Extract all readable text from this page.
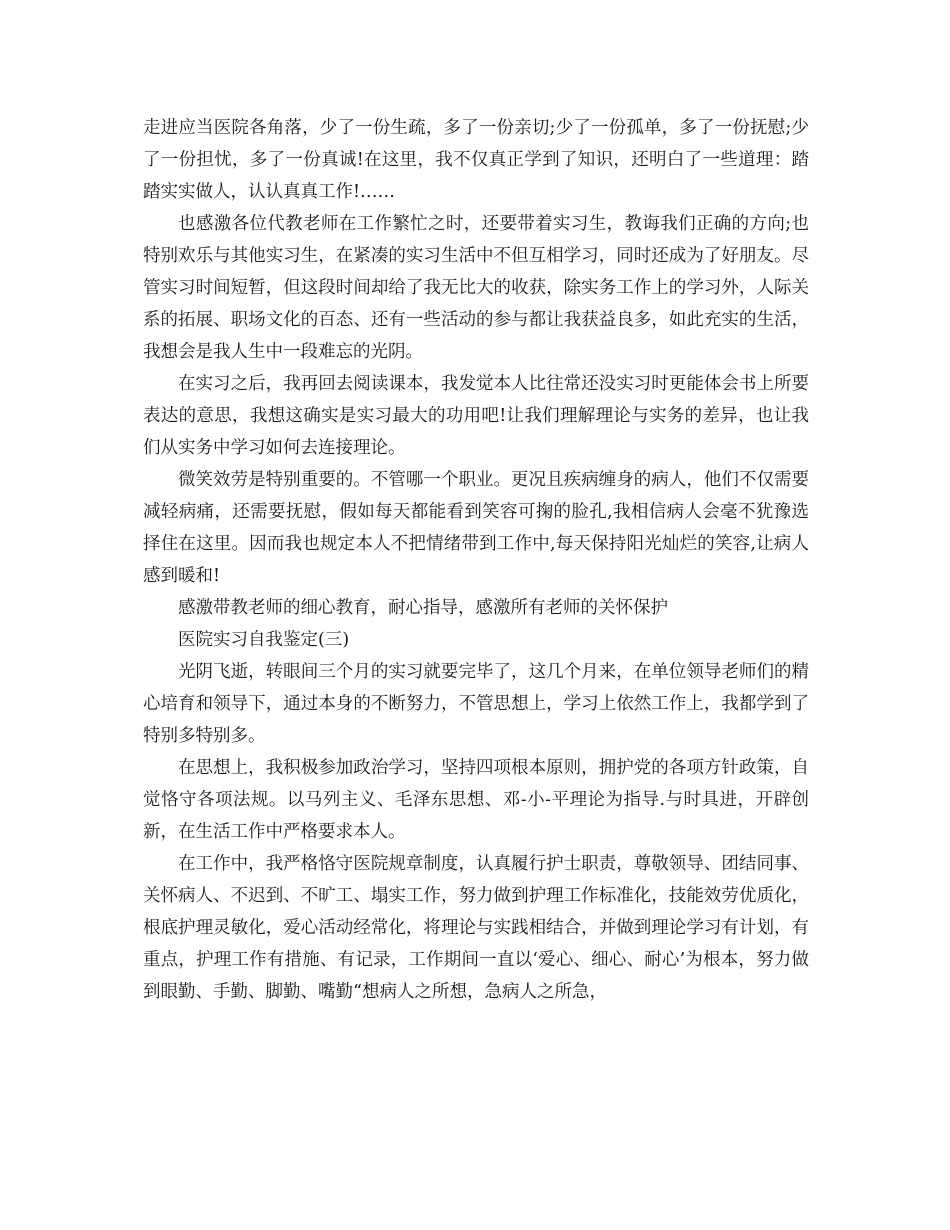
走进应当医院各角落，少了一份生疏，多了一份亲切;少了一份孤单，多了一份抚慰;少了一份担忧，多了一份真诚!在这里，我不仅真正学到了知识，还明白了一些道理：踏踏实实做人，认认真真工作!……

也感激各位代教老师在工作繁忙之时，还要带着实习生，教诲我们正确的方向;也特别欢乐与其他实习生，在紧凑的实习生活中不但互相学习，同时还成为了好朋友。尽管实习时间短暂，但这段时间却给了我无比大的收获，除实务工作上的学习外，人际关系的拓展、职场文化的百态、还有一些活动的参与都让我获益良多，如此充实的生活，我想会是我人生中一段难忘的光阴。

在实习之后，我再回去阅读课本，我发觉本人比往常还没实习时更能体会书上所要表达的意思，我想这确实是实习最大的功用吧!让我们理解理论与实务的差异，也让我们从实务中学习如何去连接理论。

微笑效劳是特别重要的。不管哪一个职业。更况且疾病缠身的病人，他们不仅需要减轻病痛，还需要抚慰，假如每天都能看到笑容可掬的脸孔,我相信病人会毫不犹豫选择住在这里。因而我也规定本人不把情绪带到工作中,每天保持阳光灿烂的笑容,让病人感到暖和!

感激带教老师的细心教育，耐心指导，感激所有老师的关怀保护

医院实习自我鉴定(三)

光阴飞逝，转眼间三个月的实习就要完毕了，这几个月来，在单位领导老师们的精心培育和领导下，通过本身的不断努力，不管思想上，学习上依然工作上，我都学到了特别多特别多。

在思想上，我积极参加政治学习，坚持四项根本原则，拥护党的各项方针政策，自觉恪守各项法规。以马列主义、毛泽东思想、邓-小-平理论为指导.与时具进，开辟创新，在生活工作中严格要求本人。

在工作中，我严格恪守医院规章制度，认真履行护士职责，尊敬领导、团结同事、关怀病人、不迟到、不旷工、塌实工作，努力做到护理工作标准化，技能效劳优质化，根底护理灵敏化，爱心活动经常化，将理论与实践相结合，并做到理论学习有计划，有重点，护理工作有措施、有记录，工作期间一直以‘爱心、细心、耐心’为根本，努力做到眼勤、手勤、脚勤、嘴勤“想病人之所想，急病人之所急，
